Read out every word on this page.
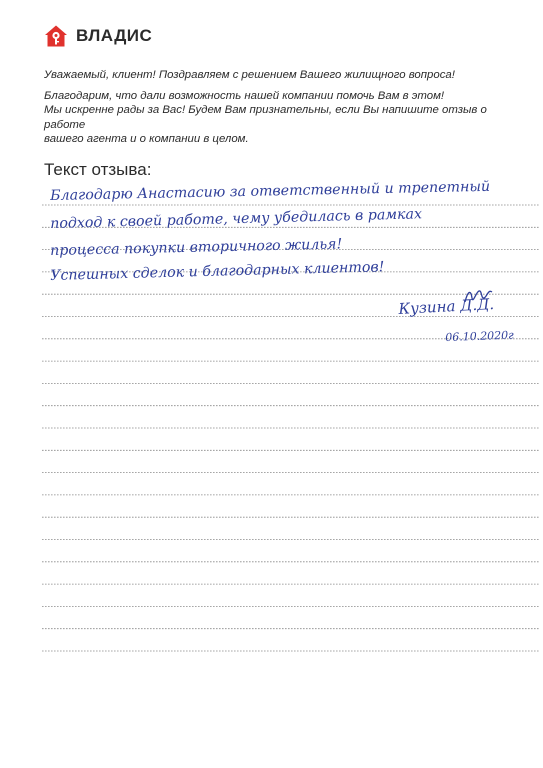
ВЛАДИС

Уважаемый, клиент! Поздравляем с решением Вашего жилищного вопроса!

Благодарим, что дали возможность нашей компании помочь Вам в этом!
Мы искренне рады за Вас! Будем Вам признательны, если Вы напишите отзыв о работе
вашего агента и о компании в целом.

Текст отзыва:
Благодарю Анастасию за ответственный и трепетный
подход к своей работе, чему убедилась в рамках
процесса покупки вторичного жилья!
Успешных сделок и благодарных клиентов!
Кузина Д.Д.
06.10.2020г
